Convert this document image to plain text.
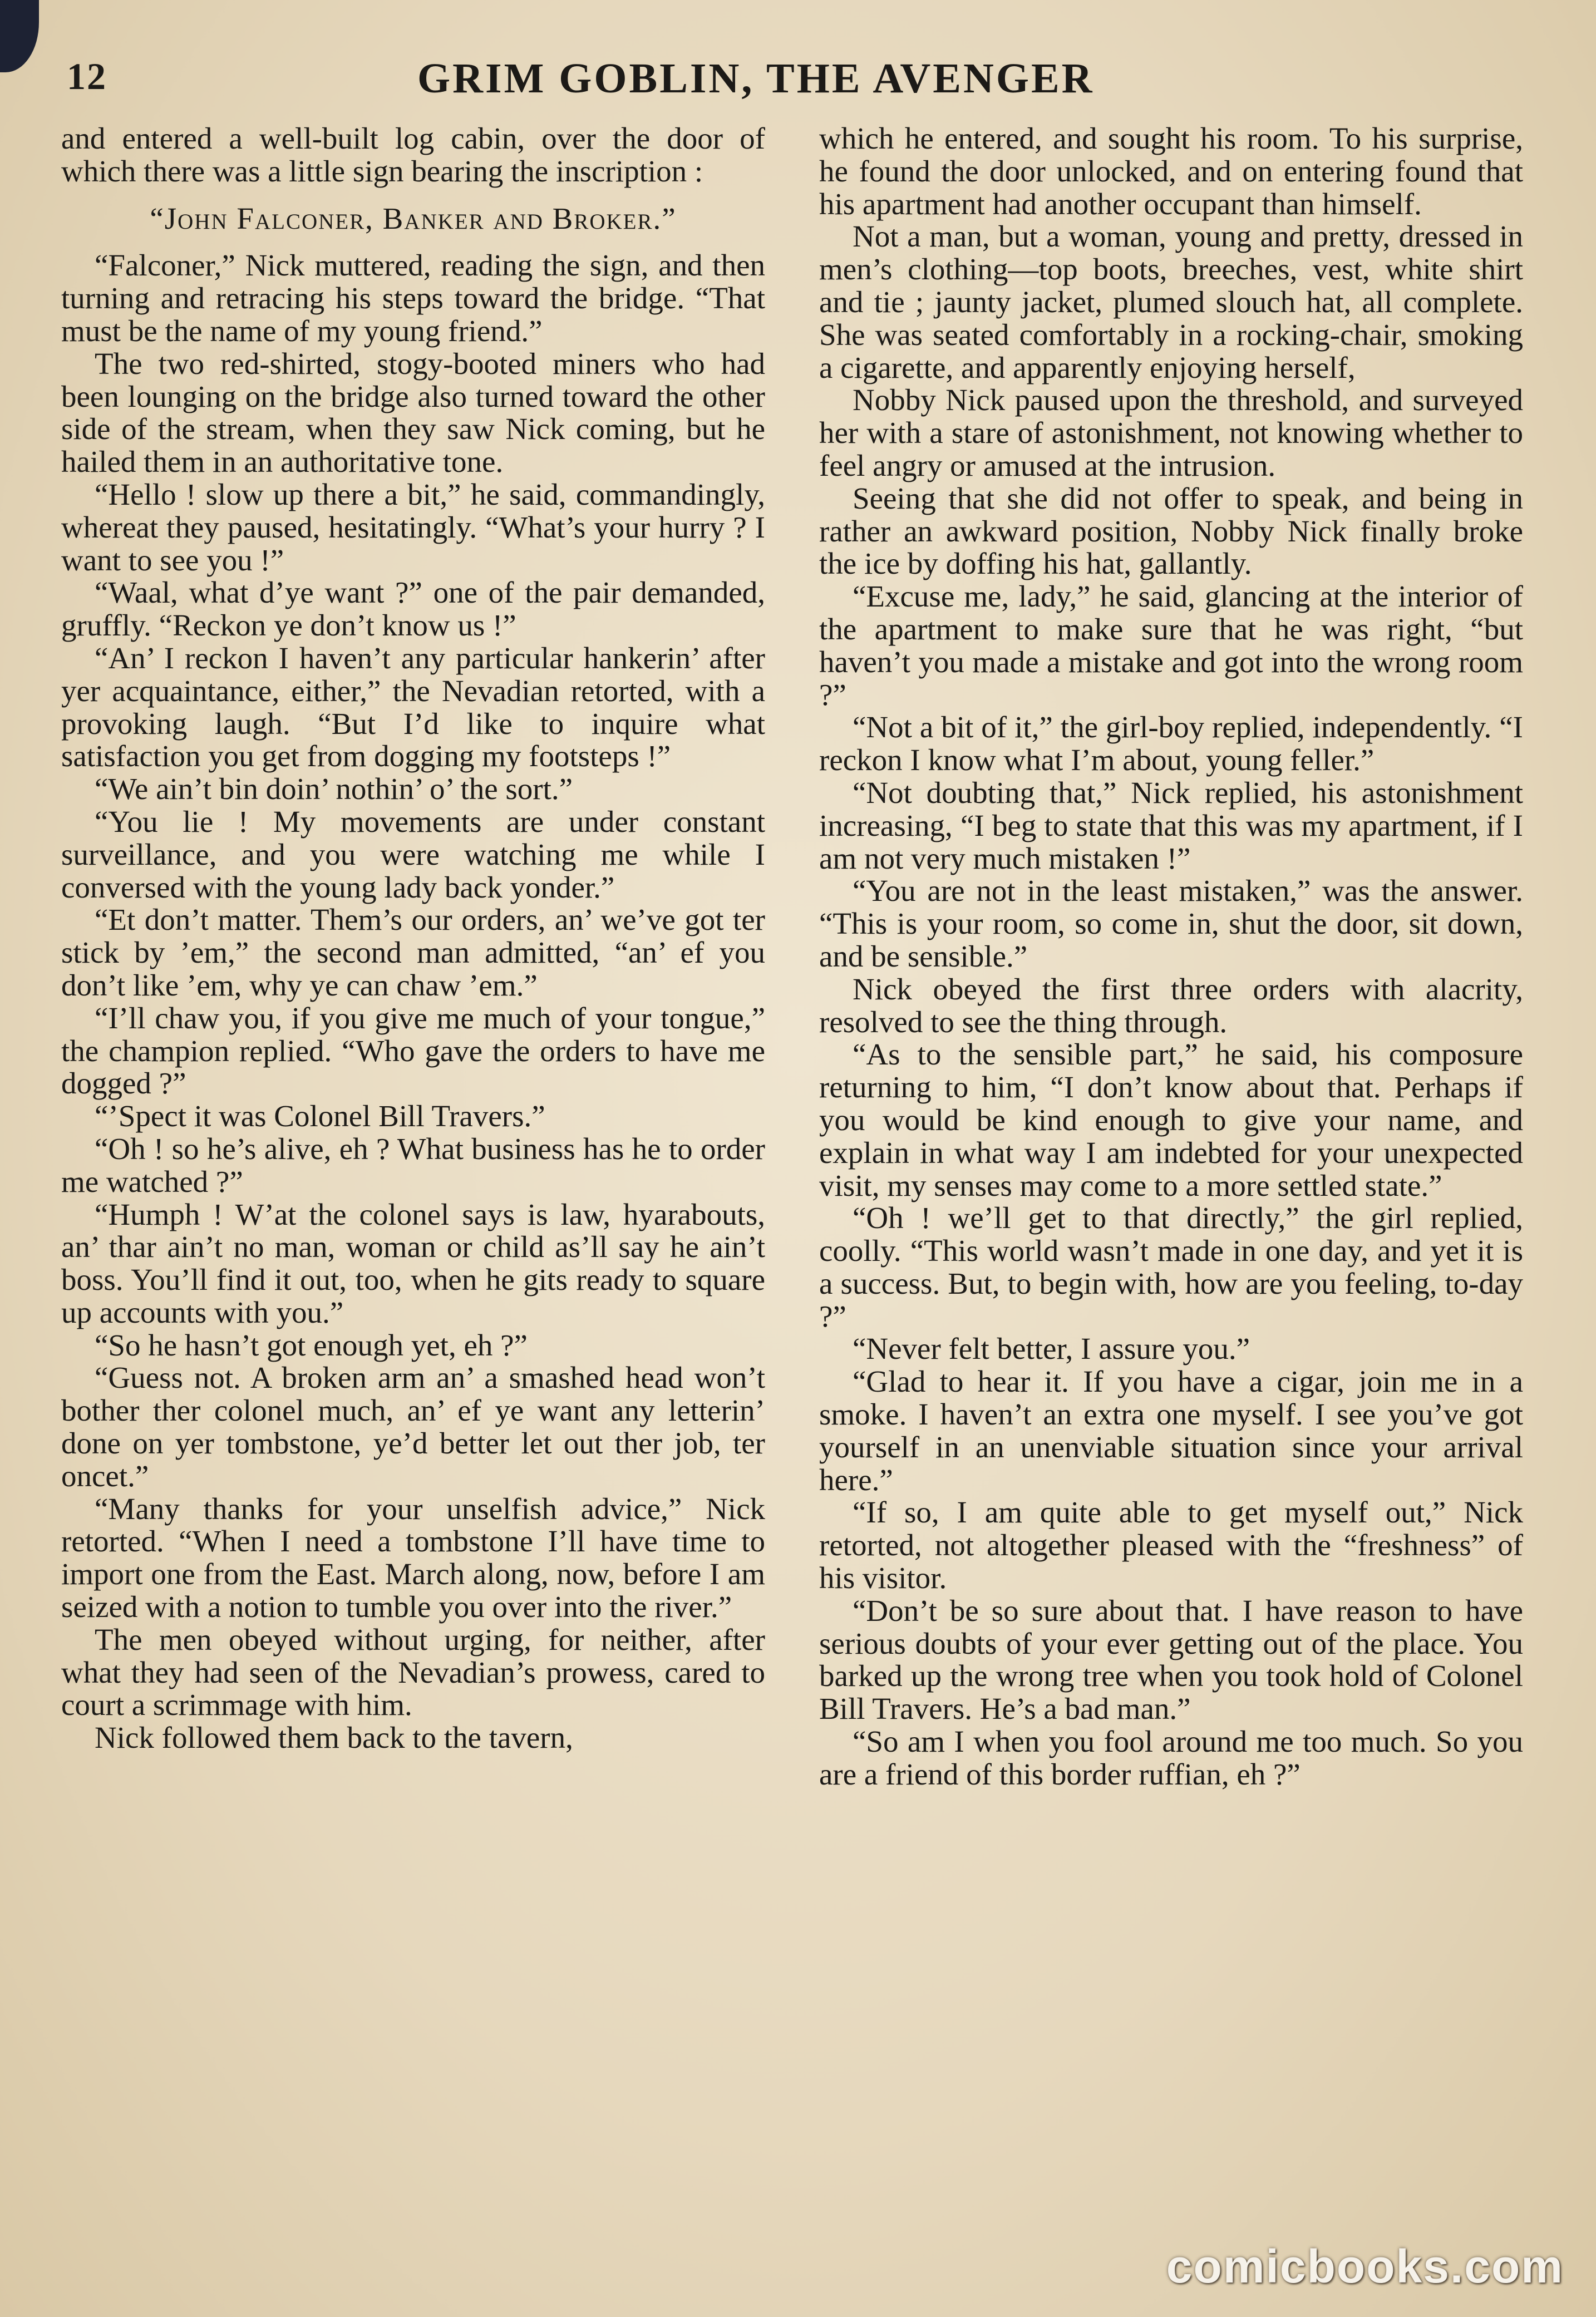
12	GRIM GOBLIN, THE AVENGER

and entered a well-built log cabin, over the door of which there was a little sign bearing the inscription :

“John Falconer, Banker and Broker.”

“Falconer,” Nick muttered, reading the sign, and then turning and retracing his steps toward the bridge. “That must be the name of my young friend.”

The two red-shirted, stogy-booted miners who had been lounging on the bridge also turned toward the other side of the stream, when they saw Nick coming, but he hailed them in an authoritative tone.

“Hello ! slow up there a bit,” he said, commandingly, whereat they paused, hesitatingly. “What’s your hurry ? I want to see you !”

“Waal, what d’ye want ?” one of the pair demanded, gruffly. “Reckon ye don’t know us !”

“An’ I reckon I haven’t any particular hankerin’ after yer acquaintance, either,” the Nevadian retorted, with a provoking laugh. “But I’d like to inquire what satisfaction you get from dogging my footsteps !”

“We ain’t bin doin’ nothin’ o’ the sort.”

“You lie ! My movements are under constant surveillance, and you were watching me while I conversed with the young lady back yonder.”

“Et don’t matter. Them’s our orders, an’ we’ve got ter stick by ’em,” the second man admitted, “an’ ef you don’t like ’em, why ye can chaw ’em.”

“I’ll chaw you, if you give me much of your tongue,” the champion replied. “Who gave the orders to have me dogged ?”

“’Spect it was Colonel Bill Travers.”

“Oh ! so he’s alive, eh ? What business has he to order me watched ?”

“Humph ! W’at the colonel says is law, hyarabouts, an’ thar ain’t no man, woman or child as’ll say he ain’t boss. You’ll find it out, too, when he gits ready to square up accounts with you.”

“So he hasn’t got enough yet, eh ?”

“Guess not. A broken arm an’ a smashed head won’t bother ther colonel much, an’ ef ye want any letterin’ done on yer tombstone, ye’d better let out ther job, ter oncet.”

“Many thanks for your unselfish advice,” Nick retorted. “When I need a tombstone I’ll have time to import one from the East. March along, now, before I am seized with a notion to tumble you over into the river.”

The men obeyed without urging, for neither, after what they had seen of the Nevadian’s prowess, cared to court a scrimmage with him.

Nick followed them back to the tavern,

which he entered, and sought his room. To his surprise, he found the door unlocked, and on entering found that his apartment had another occupant than himself.

Not a man, but a woman, young and pretty, dressed in men’s clothing—top boots, breeches, vest, white shirt and tie ; jaunty jacket, plumed slouch hat, all complete. She was seated comfortably in a rocking-chair, smoking a cigarette, and apparently enjoying herself,

Nobby Nick paused upon the threshold, and surveyed her with a stare of astonishment, not knowing whether to feel angry or amused at the intrusion.

Seeing that she did not offer to speak, and being in rather an awkward position, Nobby Nick finally broke the ice by doffing his hat, gallantly.

“Excuse me, lady,” he said, glancing at the interior of the apartment to make sure that he was right, “but haven’t you made a mistake and got into the wrong room ?”

“Not a bit of it,” the girl-boy replied, independently. “I reckon I know what I’m about, young feller.”

“Not doubting that,” Nick replied, his astonishment increasing, “I beg to state that this was my apartment, if I am not very much mistaken !”

“You are not in the least mistaken,” was the answer. “This is your room, so come in, shut the door, sit down, and be sensible.”

Nick obeyed the first three orders with alacrity, resolved to see the thing through.

“As to the sensible part,” he said, his composure returning to him, “I don’t know about that. Perhaps if you would be kind enough to give your name, and explain in what way I am indebted for your unexpected visit, my senses may come to a more settled state.”

“Oh ! we’ll get to that directly,” the girl replied, coolly. “This world wasn’t made in one day, and yet it is a success. But, to begin with, how are you feeling, to-day ?”

“Never felt better, I assure you.”

“Glad to hear it. If you have a cigar, join me in a smoke. I haven’t an extra one myself. I see you’ve got yourself in an unenviable situation since your arrival here.”

“If so, I am quite able to get myself out,” Nick retorted, not altogether pleased with the “freshness” of his visitor.

“Don’t be so sure about that. I have reason to have serious doubts of your ever getting out of the place. You barked up the wrong tree when you took hold of Colonel Bill Travers. He’s a bad man.”

“So am I when you fool around me too much. So you are a friend of this border ruffian, eh ?”

comicbooks.com
